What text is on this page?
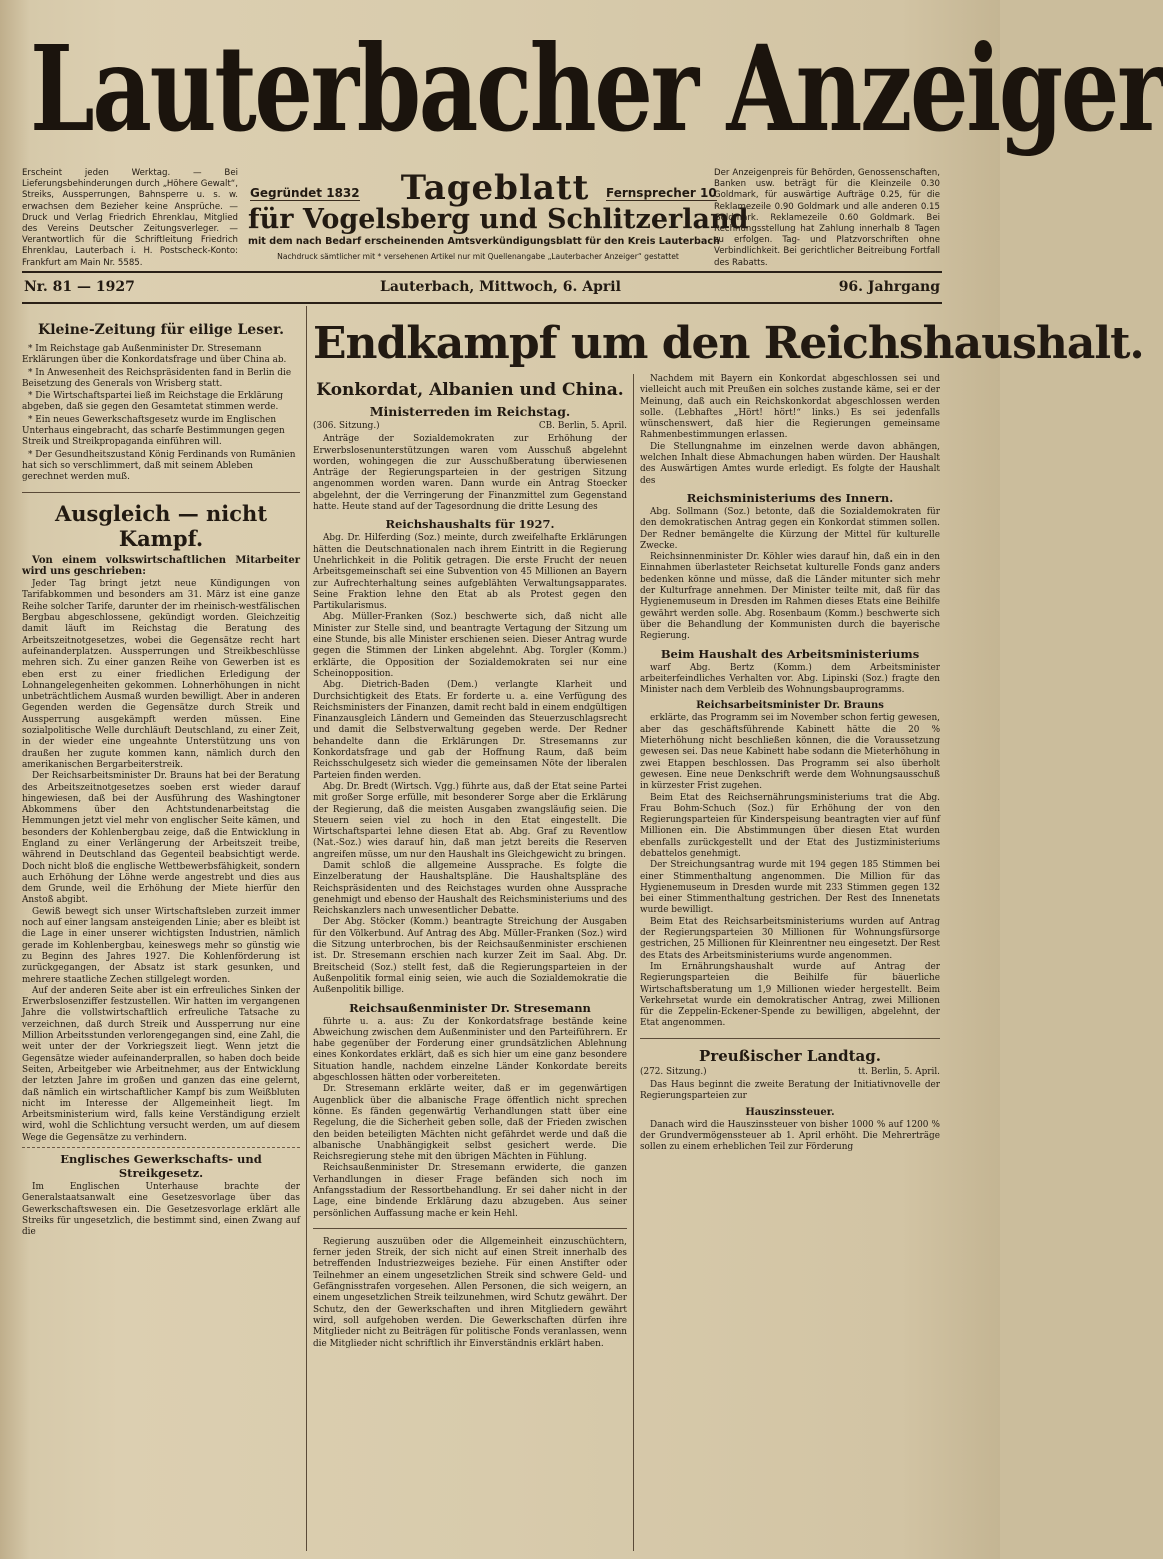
Lauterbacher Anzeiger
Erscheint jeden Werktag. — Bei Lieferungsbehinderungen durch „Höhere Gewalt“, Streiks, Aussperrungen, Bahnsperre u. s. w. erwachsen dem Bezieher keine Ansprüche. — Druck und Verlag Friedrich Ehrenklau, Mitglied des Vereins Deutscher Zeitungsverleger. — Verantwortlich für die Schriftleitung Friedrich Ehrenklau, Lauterbach i. H. Postscheck-Konto: Frankfurt am Main Nr. 5585.
Gegründet 1832	Tageblatt	Fernsprecher 10
für Vogelsberg und Schlitzerland
mit dem nach Bedarf erscheinenden Amtsverkündigungsblatt für den Kreis Lauterbach
Nachdruck sämtlicher mit * versehenen Artikel nur mit Quellenangabe „Lauterbacher Anzeiger“ gestattet
Der Anzeigenpreis für Behörden, Genossenschaften, Banken usw. beträgt für die Kleinzeile 0.30 Goldmark, für auswärtige Aufträge 0.25, für die Reklamezeile 0.90 Goldmark und alle anderen 0.15 Goldmark. Reklamezeile 0.60 Goldmark. Bei Rechnungsstellung hat Zahlung innerhalb 8 Tagen zu erfolgen. Tag- und Platzvorschriften ohne Verbindlichkeit. Bei gerichtlicher Beitreibung Fortfall des Rabatts.
Nr. 81 — 1927	Lauterbach, Mittwoch, 6. April	96. Jahrgang
Kleine-Zeitung für eilige Leser.

* Im Reichstage gab Außenminister Dr. Stresemann Erklärungen über die Konkordatsfrage und über China ab.

* In Anwesenheit des Reichspräsidenten fand in Berlin die Beisetzung des Generals von Wrisberg statt.

* Die Wirtschaftspartei ließ im Reichstage die Erklärung abgeben, daß sie gegen den Gesamtetat stimmen werde.

* Ein neues Gewerkschaftsgesetz wurde im Englischen Unterhaus eingebracht, das scharfe Bestimmungen gegen Streik und Streikpropaganda einführen will.

* Der Gesundheitszustand König Ferdinands von Rumänien hat sich so verschlimmert, daß mit seinem Ableben gerechnet werden muß.

Ausgleich — nicht Kampf.

Von einem volkswirtschaftlichen Mitarbeiter wird uns geschrieben:

Jeder Tag bringt jetzt neue Kündigungen von Tarifabkommen und besonders am 31. März ist eine ganze Reihe solcher Tarife, darunter der im rheinisch-westfälischen Bergbau abgeschlossene, gekündigt worden. Gleichzeitig damit läuft im Reichstag die Beratung des Arbeitszeitnotgesetzes, wobei die Gegensätze recht hart aufeinanderplatzen. Aussperrungen und Streikbeschlüsse mehren sich. Zu einer ganzen Reihe von Gewerben ist es eben erst zu einer friedlichen Erledigung der Lohnangelegenheiten gekommen. Lohnerhöhungen in nicht unbeträchtlichem Ausmaß wurden bewilligt. Aber in anderen Gegenden werden die Gegensätze durch Streik und Aussperrung ausgekämpft werden müssen. Eine sozialpolitische Welle durchläuft Deutschland, zu einer Zeit, in der wieder eine ungeahnte Unterstützung uns von draußen her zugute kommen kann, nämlich durch den amerikanischen Bergarbeiterstreik.

Der Reichsarbeitsminister Dr. Brauns hat bei der Beratung des Arbeitszeitnotgesetzes soeben erst wieder darauf hingewiesen, daß bei der Ausführung des Washingtoner Abkommens über den Achtstundenarbeitstag die Hemmungen jetzt viel mehr von englischer Seite kämen, und besonders der Kohlenbergbau zeige, daß die Entwicklung in England zu einer Verlängerung der Arbeitszeit treibe, während in Deutschland das Gegenteil beabsichtigt werde. Doch nicht bloß die englische Wettbewerbsfähigkeit, sondern auch Erhöhung der Löhne werde angestrebt und dies aus dem Grunde, weil die Erhöhung der Miete hierfür den Anstoß abgibt.

Gewiß bewegt sich unser Wirtschaftsleben zurzeit immer noch auf einer langsam ansteigenden Linie; aber es bleibt ist die Lage in einer unserer wichtigsten Industrien, nämlich gerade im Kohlenbergbau, keineswegs mehr so günstig wie zu Beginn des Jahres 1927. Die Kohlenförderung ist zurückgegangen, der Absatz ist stark gesunken, und mehrere staatliche Zechen stillgelegt worden.

Auf der anderen Seite aber ist ein erfreuliches Sinken der Erwerbslosenziffer festzustellen. Wir hatten im vergangenen Jahre die vollstwirtschaftlich erfreuliche Tatsache zu verzeichnen, daß durch Streik und Aussperrung nur eine Million Arbeitsstunden verlorengegangen sind, eine Zahl, die weit unter der der Vorkriegszeit liegt. Wenn jetzt die Gegensätze wieder aufeinanderprallen, so haben doch beide Seiten, Arbeitgeber wie Arbeitnehmer, aus der Entwicklung der letzten Jahre im großen und ganzen das eine gelernt, daß nämlich ein wirtschaftlicher Kampf bis zum Weißbluten nicht im Interesse der Allgemeinheit liegt. Im Arbeitsministerium wird, falls keine Verständigung erzielt wird, wohl die Schlichtung versucht werden, um auf diesem Wege die Gegensätze zu verhindern.

Englisches Gewerkschafts- und Streikgesetz.

Im Englischen Unterhause brachte der Generalstaatsanwalt eine Gesetzesvorlage über das Gewerkschaftswesen ein. Die Gesetzesvorlage erklärt alle Streiks für ungesetzlich, die bestimmt sind, einen Zwang auf die

Endkampf um den Reichshaushalt.
Konkordat, Albanien und China.
Ministerreden im Reichstag.
(306. Sitzung.)	CB. Berlin, 5. April.

Anträge der Sozialdemokraten zur Erhöhung der Erwerbslosenunterstützungen waren vom Ausschuß abgelehnt worden, wohingegen die zur Ausschußberatung überwiesenen Anträge der Regierungsparteien in der gestrigen Sitzung angenommen worden waren. Dann wurde ein Antrag Stoecker abgelehnt, der die Verringerung der Finanzmittel zum Gegenstand hatte. Heute stand auf der Tagesordnung die dritte Lesung des

Reichshaushalts für 1927.

Abg. Dr. Hilferding (Soz.) meinte, durch zweifelhafte Erklärungen hätten die Deutschnationalen nach ihrem Eintritt in die Regierung Unehrlichkeit in die Politik getragen. Die erste Frucht der neuen Arbeitsgemeinschaft sei eine Subvention von 45 Millionen an Bayern zur Aufrechterhaltung seines aufgeblähten Verwaltungsapparates. Seine Fraktion lehne den Etat ab als Protest gegen den Partikularismus.

Abg. Müller-Franken (Soz.) beschwerte sich, daß nicht alle Minister zur Stelle sind, und beantragte Vertagung der Sitzung um eine Stunde, bis alle Minister erschienen seien. Dieser Antrag wurde gegen die Stimmen der Linken abgelehnt. Abg. Torgler (Komm.) erklärte, die Opposition der Sozialdemokraten sei nur eine Scheinopposition.

Abg. Dietrich-Baden (Dem.) verlangte Klarheit und Durchsichtigkeit des Etats. Er forderte u. a. eine Verfügung des Reichsministers der Finanzen, damit recht bald in einem endgültigen Finanzausgleich Ländern und Gemeinden das Steuerzuschlagsrecht und damit die Selbstverwaltung gegeben werde. Der Redner behandelte dann die Erklärungen Dr. Stresemanns zur Konkordatsfrage und gab der Hoffnung Raum, daß beim Reichsschulgesetz sich wieder die gemeinsamen Nöte der liberalen Parteien finden werden.

Abg. Dr. Bredt (Wirtsch. Vgg.) führte aus, daß der Etat seine Partei mit großer Sorge erfülle, mit besonderer Sorge aber die Erklärung der Regierung, daß die meisten Ausgaben zwangsläufig seien. Die Steuern seien viel zu hoch in den Etat eingestellt. Die Wirtschaftspartei lehne diesen Etat ab. Abg. Graf zu Reventlow (Nat.-Soz.) wies darauf hin, daß man jetzt bereits die Reserven angreifen müsse, um nur den Haushalt ins Gleichgewicht zu bringen.

Damit schloß die allgemeine Aussprache. Es folgte die Einzelberatung der Haushaltspläne. Die Haushaltspläne des Reichspräsidenten und des Reichstages wurden ohne Aussprache genehmigt und ebenso der Haushalt des Reichsministeriums und des Reichskanzlers nach unwesentlicher Debatte.

Der Abg. Stöcker (Komm.) beantragte Streichung der Ausgaben für den Völkerbund. Auf Antrag des Abg. Müller-Franken (Soz.) wird die Sitzung unterbrochen, bis der Reichsaußenminister erschienen ist. Dr. Stresemann erschien nach kurzer Zeit im Saal. Abg. Dr. Breitscheid (Soz.) stellt fest, daß die Regierungsparteien in der Außenpolitik formal einig seien, wie auch die Sozialdemokratie die Außenpolitik billige.

Reichsaußenminister Dr. Stresemann

führte u. a. aus: Zu der Konkordatsfrage bestände keine Abweichung zwischen dem Außenminister und den Parteiführern. Er habe gegenüber der Forderung einer grundsätzlichen Ablehnung eines Konkordates erklärt, daß es sich hier um eine ganz besondere Situation handle, nachdem einzelne Länder Konkordate bereits abgeschlossen hätten oder vorbereiteten.

Dr. Stresemann erklärte weiter, daß er im gegenwärtigen Augenblick über die albanische Frage öffentlich nicht sprechen könne. Es fänden gegenwärtig Verhandlungen statt über eine Regelung, die die Sicherheit geben solle, daß der Frieden zwischen den beiden beteiligten Mächten nicht gefährdet werde und daß die albanische Unabhängigkeit selbst gesichert werde. Die Reichsregierung stehe mit den übrigen Mächten in Fühlung.

Reichsaußenminister Dr. Stresemann erwiderte, die ganzen Verhandlungen in dieser Frage befänden sich noch im Anfangsstadium der Ressortbehandlung. Er sei daher nicht in der Lage, eine bindende Erklärung dazu abzugeben. Aus seiner persönlichen Auffassung mache er kein Hehl.

Regierung auszuüben oder die Allgemeinheit einzuschüchtern, ferner jeden Streik, der sich nicht auf einen Streit innerhalb des betreffenden Industriezweiges beziehe. Für einen Anstifter oder Teilnehmer an einem ungesetzlichen Streik sind schwere Geld- und Gefängnisstrafen vorgesehen. Allen Personen, die sich weigern, an einem ungesetzlichen Streik teilzunehmen, wird Schutz gewährt. Der Schutz, den der Gewerkschaften und ihren Mitgliedern gewährt wird, soll aufgehoben werden. Die Gewerkschaften dürfen ihre Mitglieder nicht zu Beiträgen für politische Fonds veranlassen, wenn die Mitglieder nicht schriftlich ihr Einverständnis erklärt haben.

Nachdem mit Bayern ein Konkordat abgeschlossen sei und vielleicht auch mit Preußen ein solches zustande käme, sei er der Meinung, daß auch ein Reichskonkordat abgeschlossen werden solle. (Lebhaftes „Hört! hört!“ links.) Es sei jedenfalls wünschenswert, daß hier die Regierungen gemeinsame Rahmenbestimmungen erlassen.

Die Stellungnahme im einzelnen werde davon abhängen, welchen Inhalt diese Abmachungen haben würden. Der Haushalt des Auswärtigen Amtes wurde erledigt. Es folgte der Haushalt des

Reichsministeriums des Innern.

Abg. Sollmann (Soz.) betonte, daß die Sozialdemokraten für den demokratischen Antrag gegen ein Konkordat stimmen sollen. Der Redner bemängelte die Kürzung der Mittel für kulturelle Zwecke.

Reichsinnenminister Dr. Köhler wies darauf hin, daß ein in den Einnahmen überlasteter Reichsetat kulturelle Fonds ganz anders bedenken könne und müsse, daß die Länder mitunter sich mehr der Kulturfrage annehmen. Der Minister teilte mit, daß für das Hygienemuseum in Dresden im Rahmen dieses Etats eine Beihilfe gewährt werden solle. Abg. Rosenbaum (Komm.) beschwerte sich über die Behandlung der Kommunisten durch die bayerische Regierung.

Beim Haushalt des Arbeitsministeriums

warf Abg. Bertz (Komm.) dem Arbeitsminister arbeiterfeindliches Verhalten vor. Abg. Lipinski (Soz.) fragte den Minister nach dem Verbleib des Wohnungsbauprogramms.

Reichsarbeitsminister Dr. Brauns

erklärte, das Programm sei im November schon fertig gewesen, aber das geschäftsführende Kabinett hätte die 20 % Mieterhöhung nicht beschließen können, die die Voraussetzung gewesen sei. Das neue Kabinett habe sodann die Mieterhöhung in zwei Etappen beschlossen. Das Programm sei also überholt gewesen. Eine neue Denkschrift werde dem Wohnungsausschuß in kürzester Frist zugehen.

Beim Etat des Reichsernährungsministeriums trat die Abg. Frau Bohm-Schuch (Soz.) für Erhöhung der von den Regierungsparteien für Kinderspeisung beantragten vier auf fünf Millionen ein. Die Abstimmungen über diesen Etat wurden ebenfalls zurückgestellt und der Etat des Justizministeriums debattelos genehmigt.

Der Streichungsantrag wurde mit 194 gegen 185 Stimmen bei einer Stimmenthaltung angenommen. Die Million für das Hygienemuseum in Dresden wurde mit 233 Stimmen gegen 132 bei einer Stimmenthaltung gestrichen. Der Rest des Innenetats wurde bewilligt.

Beim Etat des Reichsarbeitsministeriums wurden auf Antrag der Regierungsparteien 30 Millionen für Wohnungsfürsorge gestrichen, 25 Millionen für Kleinrentner neu eingesetzt. Der Rest des Etats des Arbeitsministeriums wurde angenommen.

Im Ernährungshaushalt wurde auf Antrag der Regierungsparteien die Beihilfe für bäuerliche Wirtschaftsberatung um 1,9 Millionen wieder hergestellt. Beim Verkehrsetat wurde ein demokratischer Antrag, zwei Millionen für die Zeppelin-Eckener-Spende zu bewilligen, abgelehnt, der Etat angenommen.

Preußischer Landtag.
(272. Sitzung.)	tt. Berlin, 5. April.

Das Haus beginnt die zweite Beratung der Initiativnovelle der Regierungsparteien zur

Hauszinssteuer.

Danach wird die Hauszinssteuer von bisher 1000 % auf 1200 % der Grundvermögenssteuer ab 1. April erhöht. Die Mehrerträge sollen zu einem erheblichen Teil zur Förderung
